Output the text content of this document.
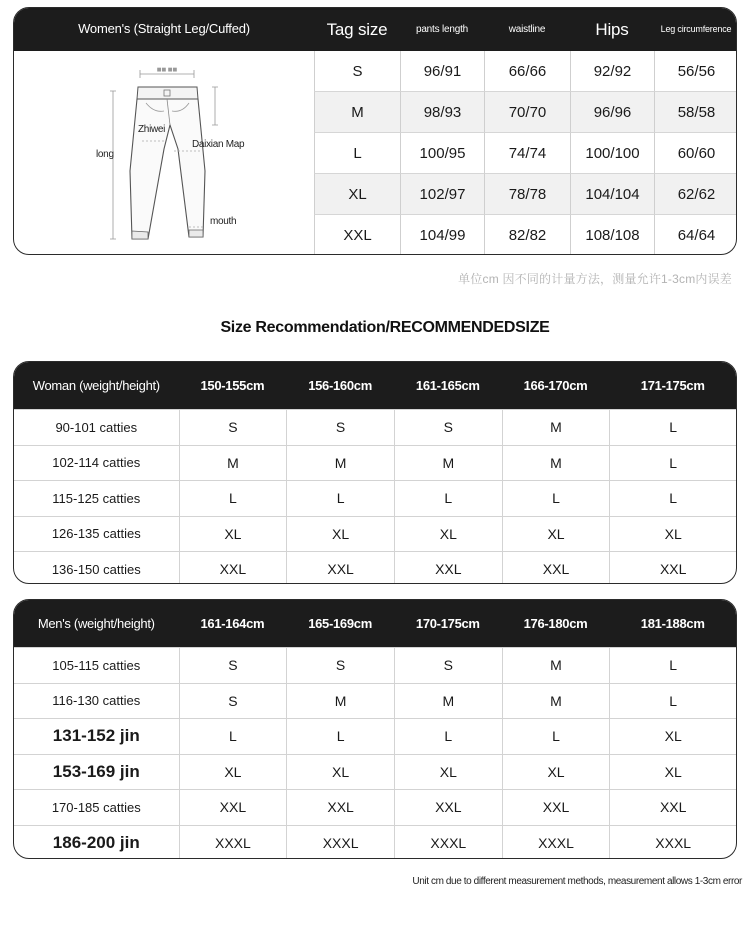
Women's (Straight Leg/Cuffed)	Tag size	pants length	waistline	Hips	Leg circumference
■■ ■■
long
Zhiwei
Daixian Map
mouth
S	96/91	66/66	92/92	56/56
M	98/93	70/70	96/96	58/58
L	100/95	74/74	100/100	60/60
XL	102/97	78/78	104/104	62/62
XXL	104/99	82/82	108/108	64/64
单位cm 因不同的计量方法，测量允许1-3cm内误差
Size Recommendation/RECOMMENDEDSIZE
Woman (weight/height)	150-155cm	156-160cm	161-165cm	166-170cm	171-175cm
90-101 catties	S	S	S	M	L
102-114 catties	M	M	M	M	L
115-125 catties	L	L	L	L	L
126-135 catties	XL	XL	XL	XL	XL
136-150 catties	XXL	XXL	XXL	XXL	XXL
Men's (weight/height)	161-164cm	165-169cm	170-175cm	176-180cm	181-188cm
105-115 catties	S	S	S	M	L
116-130 catties	S	M	M	M	L
131-152 jin	L	L	L	L	XL
153-169 jin	XL	XL	XL	XL	XL
170-185 catties	XXL	XXL	XXL	XXL	XXL
186-200 jin	XXXL	XXXL	XXXL	XXXL	XXXL
Unit cm due to different measurement methods, measurement allows 1-3cm error
